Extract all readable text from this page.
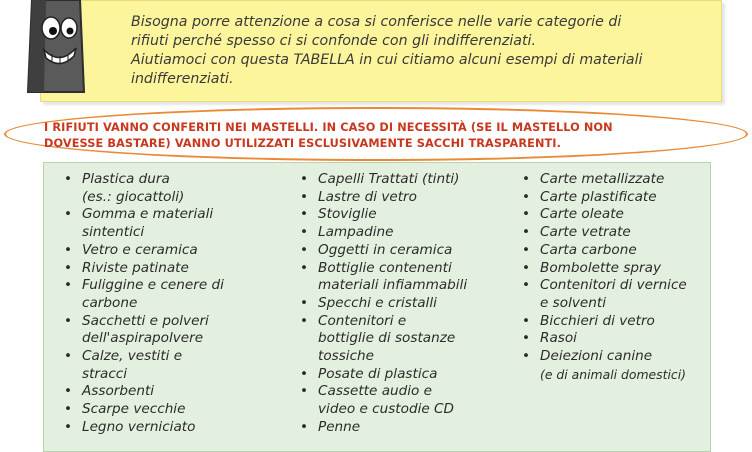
Bisogna porre attenzione a cosa si conferisce nelle varie categorie di
rifiuti perché spesso ci si confonde con gli indifferenziati.
Aiutiamoci con questa TABELLA in cui citiamo alcuni esempi di materiali
indifferenziati.
I RIFIUTI VANNO CONFERITI NEI MASTELLI. IN CASO DI NECESSITÀ (SE IL MASTELLO NON
DOVESSE BASTARE) VANNO UTILIZZATI ESCLUSIVAMENTE SACCHI TRASPARENTI.
• Plastica dura
(es.: giocattoli)
• Gomma e materiali
sintentici
• Vetro e ceramica
• Riviste patinate
• Fuliggine e cenere di
carbone
• Sacchetti e polveri
dell'aspirapolvere
• Calze, vestiti e
stracci
• Assorbenti
• Scarpe vecchie
• Legno verniciato
• Capelli Trattati (tinti)
• Lastre di vetro
• Stoviglie
• Lampadine
• Oggetti in ceramica
• Bottiglie contenenti
materiali infiammabili
• Specchi e cristalli
• Contenitori e
bottiglie di sostanze
tossiche
• Posate di plastica
• Cassette audio e
video e custodie CD
• Penne
• Carte metallizzate
• Carte plastificate
• Carte oleate
• Carte vetrate
• Carta carbone
• Bombolette spray
• Contenitori di vernice
e solventi
• Bicchieri di vetro
• Rasoi
• Deiezioni canine
(e di animali domestici)
